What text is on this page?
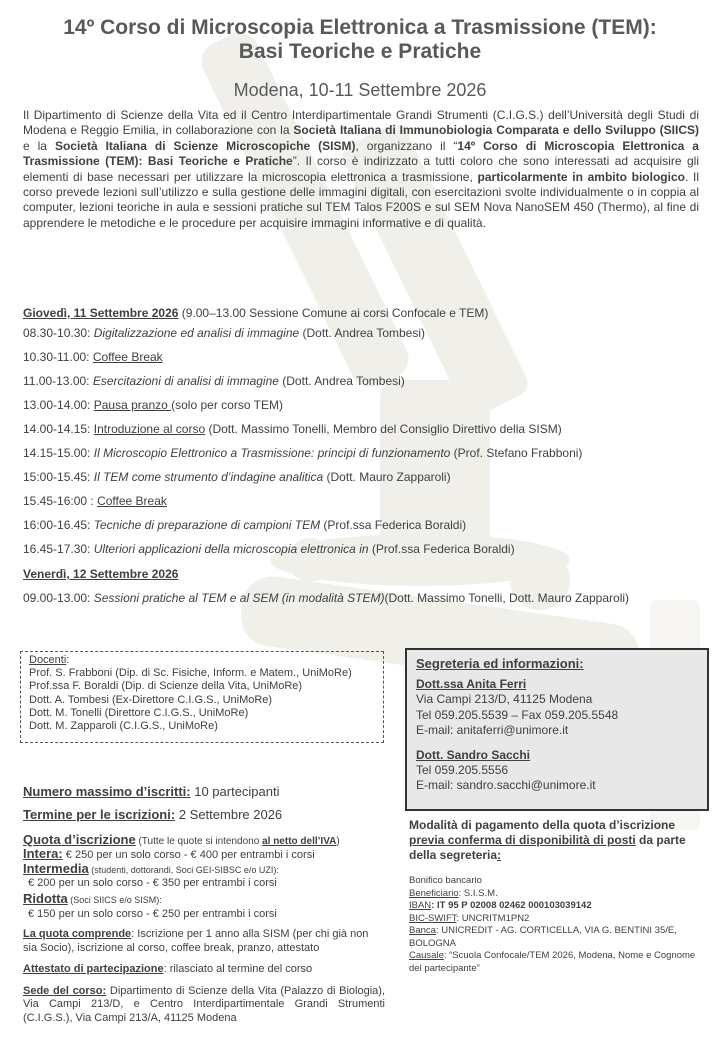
14º Corso di Microscopia Elettronica a Trasmissione (TEM):
Basi Teoriche e Pratiche
Modena, 10-11 Settembre 2026
Il Dipartimento di Scienze della Vita ed il Centro Interdipartimentale Grandi Strumenti (C.I.G.S.) dell’Università degli Studi di Modena e Reggio Emilia, in collaborazione con la Società Italiana di Immunobiologia Comparata e dello Sviluppo (SIICS) e la Società Italiana di Scienze Microscopiche (SISM), organizzano il “14º Corso di Microscopia Elettronica a Trasmissione (TEM): Basi Teoriche e Pratiche”. Il corso è indirizzato a tutti coloro che sono interessati ad acquisire gli elementi di base necessari per utilizzare la microscopia elettronica a trasmissione, particolarmente in ambito biologico. Il corso prevede lezioni sull’utilizzo e sulla gestione delle immagini digitali, con esercitazioni svolte individualmente o in coppia al computer, lezioni teoriche in aula e sessioni pratiche sul TEM Talos F200S e sul SEM Nova NanoSEM 450 (Thermo), al fine di apprendere le metodiche e le procedure per acquisire immagini informative e di qualità.
Giovedì, 11 Settembre 2026 (9.00–13.00 Sessione Comune ai corsi Confocale e TEM)
08.30-10.30: Digitalizzazione ed analisi di immagine (Dott. Andrea Tombesi)
10.30-11.00: Coffee Break
11.00-13.00: Esercitazioni di analisi di immagine (Dott. Andrea Tombesi)
13.00-14.00: Pausa pranzo (solo per corso TEM)
14.00-14.15: Introduzione al corso (Dott. Massimo Tonelli, Membro del Consiglio Direttivo della SISM)
14.15-15.00: Il Microscopio Elettronico a Trasmissione: principi di funzionamento (Prof. Stefano Frabboni)
15:00-15.45: Il TEM come strumento d’indagine analitica (Dott. Mauro Zapparoli)
15.45-16:00 : Coffee Break
16:00-16.45: Tecniche di preparazione di campioni TEM (Prof.ssa Federica Boraldi)
16.45-17.30: Ulteriori applicazioni della microscopia elettronica in (Prof.ssa Federica Boraldi)
Venerdì, 12 Settembre 2026
09.00-13.00: Sessioni pratiche al TEM e al SEM (in modalità STEM)(Dott. Massimo Tonelli, Dott. Mauro Zapparoli)
Docenti:
Prof. S. Frabboni (Dip. di Sc. Fisiche, Inform. e Matem., UniMoRe)
Prof.ssa F. Boraldi (Dip. di Scienze della Vita, UniMoRe)
Dott. A. Tombesi (Ex-Direttore C.I.G.S., UniMoRe)
Dott. M. Tonelli (Direttore C.I.G.S., UniMoRe)
Dott. M. Zapparoli (C.I.G.S., UniMoRe)
Segreteria ed informazioni:
Dott.ssa Anita Ferri
Via Campi 213/D, 41125 Modena
Tel 059.205.5539 – Fax 059.205.5548
E-mail: anitaferri@unimore.it
Dott. Sandro Sacchi
Tel 059.205.5556
E-mail: sandro.sacchi@unimore.it
Numero massimo d’iscritti: 10 partecipanti
Termine per le iscrizioni: 2 Settembre 2026
Quota d’iscrizione (Tutte le quote si intendono al netto dell’IVA)
Intera: € 250 per un solo corso - € 400 per entrambi i corsi
Intermedia (studenti, dottorandi, Soci GEI-SIBSC e/o UZI):
€ 200 per un solo corso - € 350 per entrambi i corsi
Ridotta (Soci SIICS e/o SISM):
€ 150 per un solo corso - € 250 per entrambi i corsi
La quota comprende: Iscrizione per 1 anno alla SISM (per chi già non sia Socio), iscrizione al corso, coffee break, pranzo, attestato
Attestato di partecipazione: rilasciato al termine del corso
Sede del corso: Dipartimento di Scienze della Vita (Palazzo di Biologia), Via Campi 213/D, e Centro Interdipartimentale Grandi Strumenti (C.I.G.S.), Via Campi 213/A, 41125 Modena
Modalità di pagamento della quota d’iscrizione previa conferma di disponibilità di posti da parte della segreteria:
Bonifico bancario
Beneficiario: S.I.S.M.
IBAN: IT 95 P 02008 02462 000103039142
BIC-SWIFT: UNCRITM1PN2
Banca: UNICREDIT - AG. CORTICELLA, VIA G. BENTINI 35/E, BOLOGNA
Causale: “Scuola Confocale/TEM 2026, Modena, Nome e Cognome del partecipante”
